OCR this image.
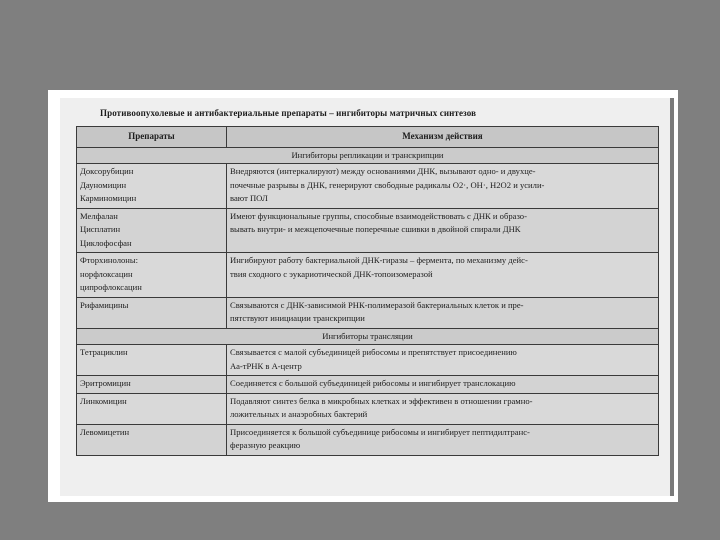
Противоопухолевые и антибактериальные препараты – ингибиторы матричных синтезов
Препараты	Механизм действия
Ингибиторы репликации и транскрипции	

Доксорубицин
Дауномицин
Карминомицин	Внедряются (интеркалируют) между основаниями ДНК, вызывают одно- и двухце-
почечные разрывы в ДНК, генерируют свободные радикалы О2·, ОН·, Н2О2 и усили-
вают ПОЛ

Мелфалан
Цисплатин
Циклофосфан	Имеют функциональные группы, способные взаимодействовать с ДНК и образо-
вывать внутри- и межцепочечные поперечные сшивки в двойной спирали ДНК

Фторхинолоны:
норфлоксацин
ципрофлоксацин	Ингибируют работу бактериальной ДНК-гиразы – фермента, по механизму дейс-
твия сходного с эукариотической ДНК-топоизомеразой

Рифамицины	Связываются с ДНК-зависимой РНК-полимеразой бактериальных клеток и пре-
пятствуют инициации транскрипции

Ингибиторы трансляции	

Тетрациклин	Связывается с малой субъединицей рибосомы и препятствует присоединению
Аа-тРНК в А-центр

Эритромицин	Соединяется с большой субъединицей рибосомы и ингибирует транслокацию

Линкомицин	Подавляют синтез белка в микробных клетках и эффективен в отношении грамно-
ложительных и анаэробных бактерий

Левомицетин	Присоединяется к большой субъединице рибосомы и ингибирует пептидилтранс-
феразную реакцию
